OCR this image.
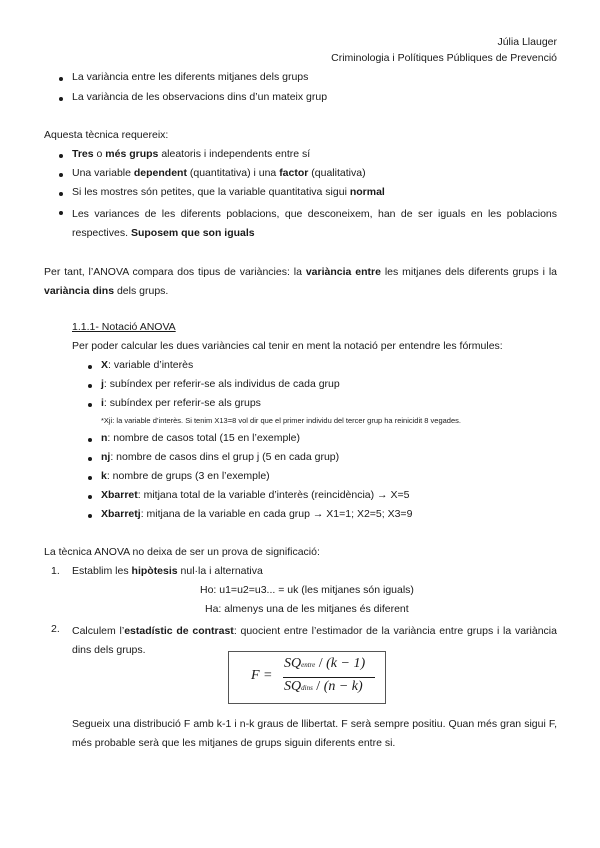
Júlia Llauger
Criminologia i Polítiques Públiques de Prevenció
La variància entre les diferents mitjanes dels grups
La variància de les observacions dins d’un mateix grup
Aquesta tècnica requereix:
Tres o més grups aleatoris i independents entre sí
Una variable dependent (quantitativa) i una factor (qualitativa)
Si les mostres són petites, que la variable quantitativa sigui normal
Les variances de les diferents poblacions, que desconeixem, han de ser iguals en les poblacions respectives. Suposem que son iguals
Per tant, l’ANOVA compara dos tipus de variàncies: la variància entre les mitjanes dels diferents grups i la variància dins dels grups.
1.1.1- Notació ANOVA
Per poder calcular les dues variàncies cal tenir en ment la notació per entendre les fórmules:
X: variable d’interès
j: subíndex per referir-se als individus de cada grup
i: subíndex per referir-se als grups
*Xji: la variable d’interès. Si tenim X13=8 vol dir que el primer individu del tercer grup ha reinicidit 8 vegades.
n: nombre de casos total (15 en l’exemple)
nj: nombre de casos dins el grup j (5 en cada grup)
k: nombre de grups (3 en l’exemple)
Xbarret: mitjana total de la variable d’interès (reincidència) → X=5
Xbarretj: mitjana de la variable en cada grup → X1=1; X2=5; X3=9
La tècnica ANOVA no deixa de ser un prova de significació:
1. Establim les hipòtesis nul·la i alternativa
Ho: u1=u2=u3... = uk (les mitjanes són iguals)
Ha: almenys una de les mitjanes és diferent
2. Calculem l’estadístic de contrast: quocient entre l’estimador de la variància entre grups i la variància dins dels grups.
F =
SQentre / (k − 1)
SQdins / (n − k)
Segueix una distribució F amb k-1 i n-k graus de llibertat. F serà sempre positiu. Quan més gran sigui F, més probable serà que les mitjanes de grups siguin diferents entre si.
